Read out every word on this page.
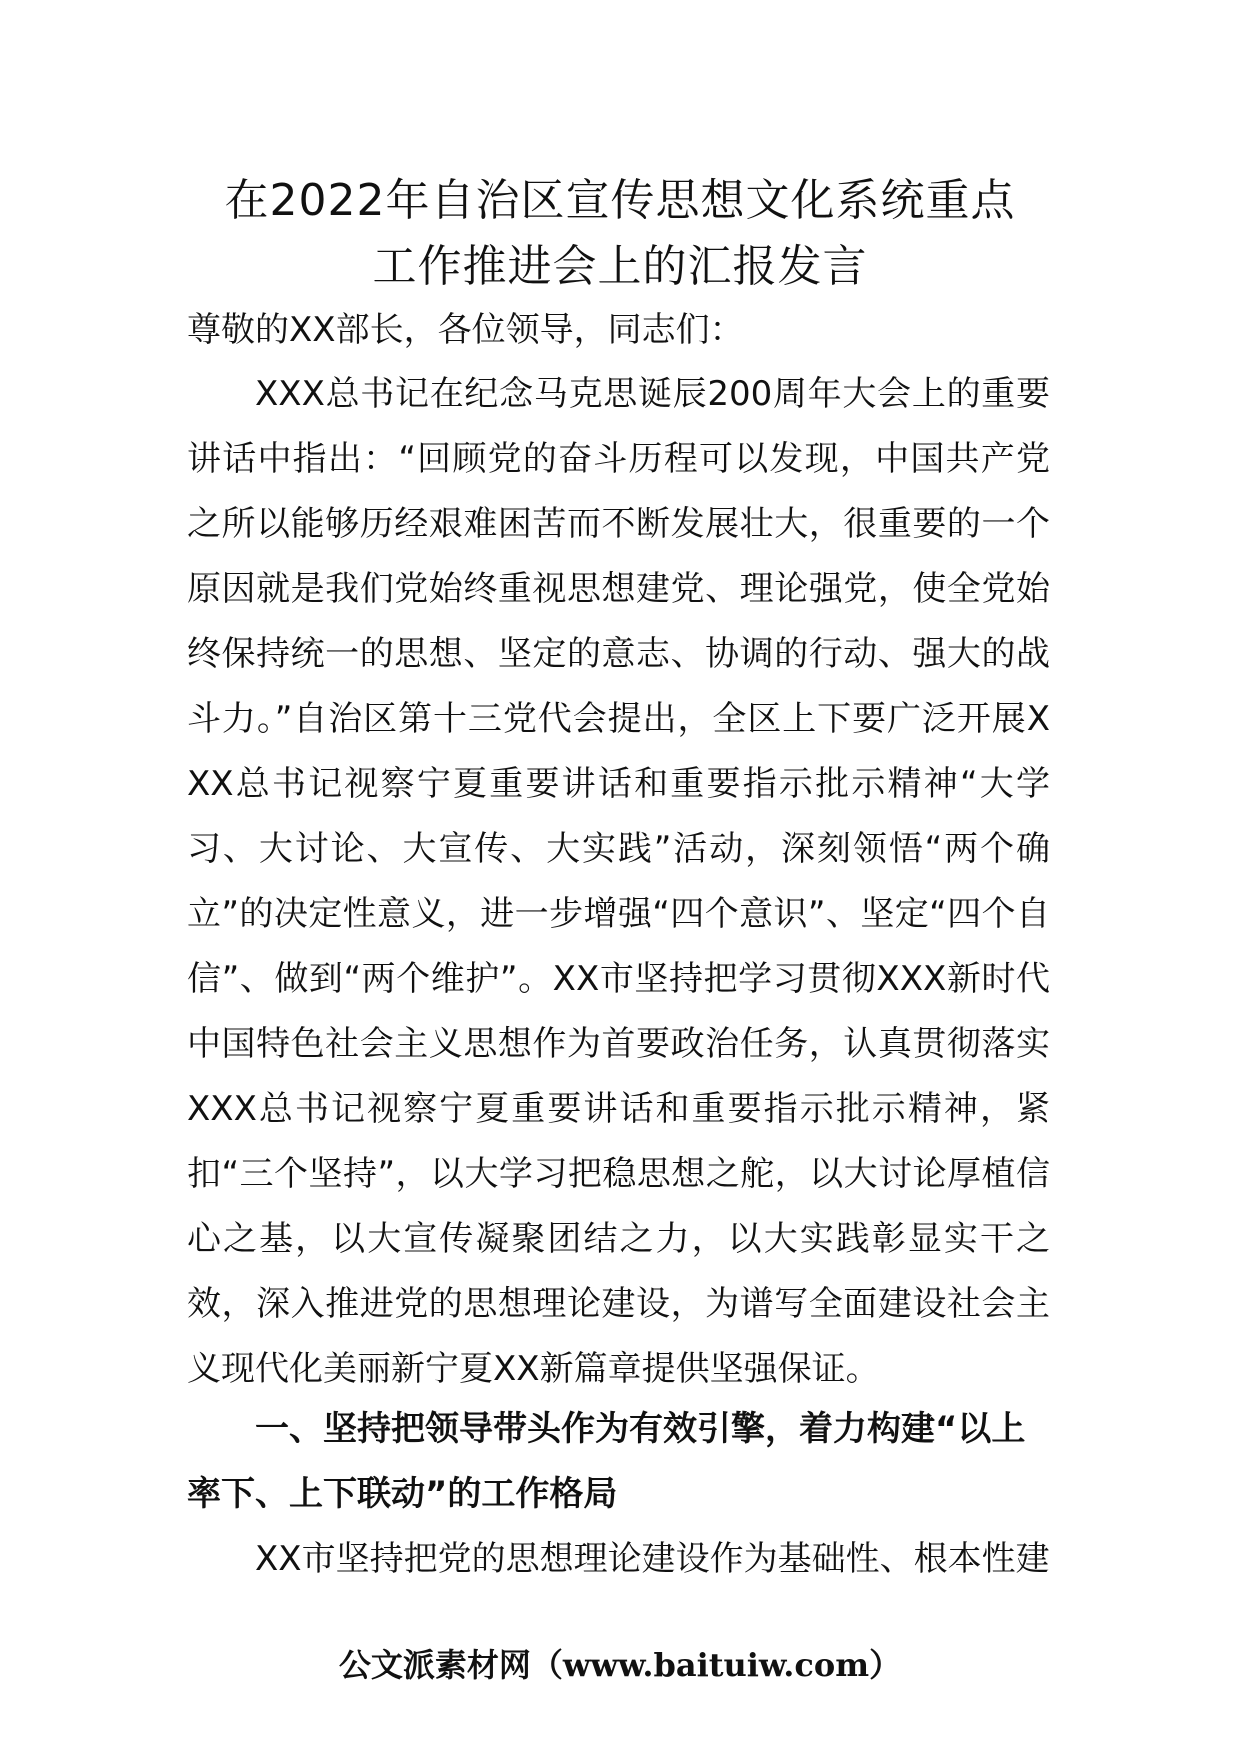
在2022年自治区宣传思想文化系统重点
工作推进会上的汇报发言

尊敬的XX部长，各位领导，同志们：

XXX总书记在纪念马克思诞辰200周年大会上的重要讲话中指出：“回顾党的奋斗历程可以发现，中国共产党之所以能够历经艰难困苦而不断发展壮大，很重要的一个原因就是我们党始终重视思想建党、理论强党，使全党始终保持统一的思想、坚定的意志、协调的行动、强大的战斗力。”自治区第十三党代会提出，全区上下要广泛开展XXX总书记视察宁夏重要讲话和重要指示批示精神“大学习、大讨论、大宣传、大实践”活动，深刻领悟“两个确立”的决定性意义，进一步增强“四个意识”、坚定“四个自信”、做到“两个维护”。XX市坚持把学习贯彻XXX新时代中国特色社会主义思想作为首要政治任务，认真贯彻落实XXX总书记视察宁夏重要讲话和重要指示批示精神，紧扣“三个坚持”，以大学习把稳思想之舵，以大讨论厚植信心之基，以大宣传凝聚团结之力，以大实践彰显实干之效，深入推进党的思想理论建设，为谱写全面建设社会主义现代化美丽新宁夏XX新篇章提供坚强保证。

一、坚持把领导带头作为有效引擎，着力构建“以上率下、上下联动”的工作格局

XX市坚持把党的思想理论建设作为基础性、根本性建

公文派素材网（www.baituiw.com）
